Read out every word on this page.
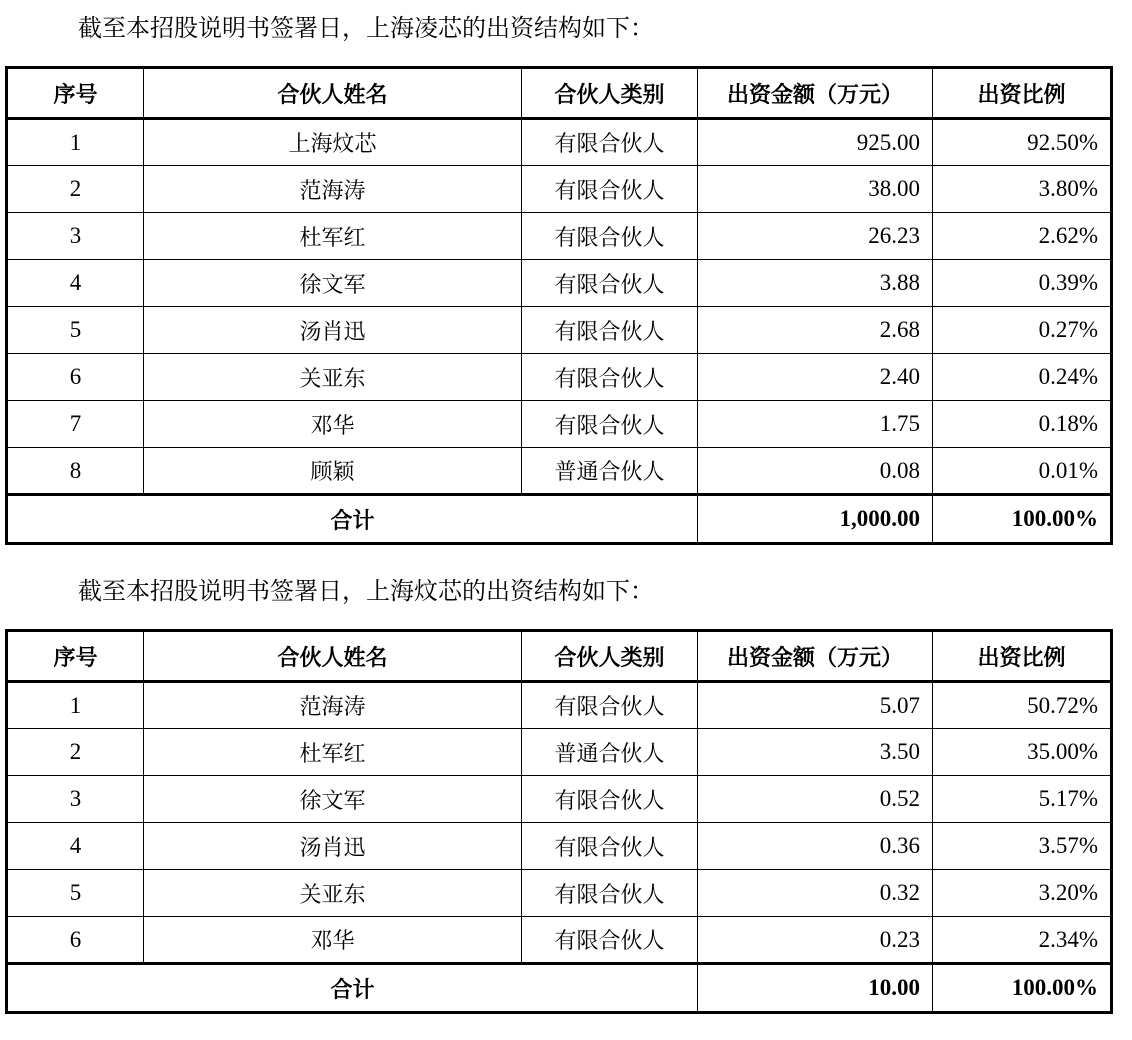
截至本招股说明书签署日，上海凌芯的出资结构如下：

序号	合伙人姓名	合伙人类别	出资金额（万元）	出资比例
1	上海炆芯	有限合伙人	925.00	92.50%
2	范海涛	有限合伙人	38.00	3.80%
3	杜军红	有限合伙人	26.23	2.62%
4	徐文军	有限合伙人	3.88	0.39%
5	汤肖迅	有限合伙人	2.68	0.27%
6	关亚东	有限合伙人	2.40	0.24%
7	邓华	有限合伙人	1.75	0.18%
8	顾颖	普通合伙人	0.08	0.01%
合计			1,000.00	100.00%

截至本招股说明书签署日，上海炆芯的出资结构如下：

序号	合伙人姓名	合伙人类别	出资金额（万元）	出资比例
1	范海涛	有限合伙人	5.07	50.72%
2	杜军红	普通合伙人	3.50	35.00%
3	徐文军	有限合伙人	0.52	5.17%
4	汤肖迅	有限合伙人	0.36	3.57%
5	关亚东	有限合伙人	0.32	3.20%
6	邓华	有限合伙人	0.23	2.34%
合计			10.00	100.00%
